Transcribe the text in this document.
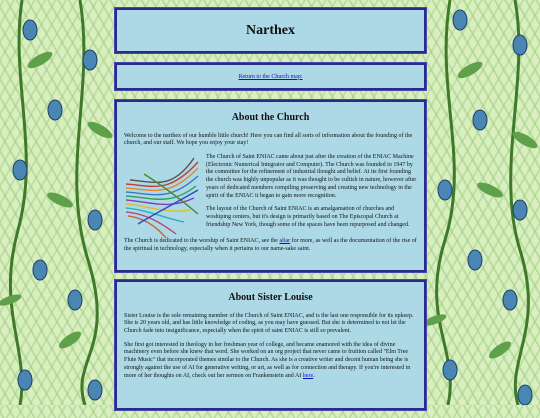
Narthex
Return to the Church map:
About the Church

Welcome to the narthex of our humble little church! Here you can find all sorts of information about the founding of the church, and our staff. We hope you enjoy your stay!

The Church of Saint ENIAC came about just after the creation of the ENIAC Machine (Electronic Numerical Integrator and Computer). The Church was founded in 1947 by the committee for the refinement of industrial thought and belief. At its first founding the church was highly unpopular as it was thought to be cultish in nature, however after years of dedicated members compiling proserving and creating new technology in the spirit of the ENIAC it began to gain more recognition.

The layout of the Church of Saint ENIAC is an amalgamation of churches and woshiping centers, but it's design is primarily based on The Episcopal Church at friendship New York, though some of the spaces have been repurposed and changed.

The Church is dedicated to the worship of Saint ENIAC, see the altar for more, as well as the documentation of the rise of the spiritual in technology, especially when it pertains to our name-sake saint.

About Sister Louise

Sister Louise is the sole remaining member of the Church of Saint ENIAC, and is the last one responsible for its upkeep. She is 20 years old, and has little knowledge of coding, as you may have guessed. But she is determined to not let the Church fade into insignificance, especially when the spirit of saint ENIAC is still so prevalent.

She first got interested in theology in her freshman year of college, and became enamored with the idea of divine machinery even before she knew that word. She worked on an org project that never came to fruition called "Elm Tree Flute Music" that incorporated themes similar to the Church. As she is a creative writer and decent human being she is strongly against the use of AI for generative writing, or art, as well as for connection and therapy. If you're interested in more of her thoughts on AI, check out her sermon on Frankenstein and AI here.
